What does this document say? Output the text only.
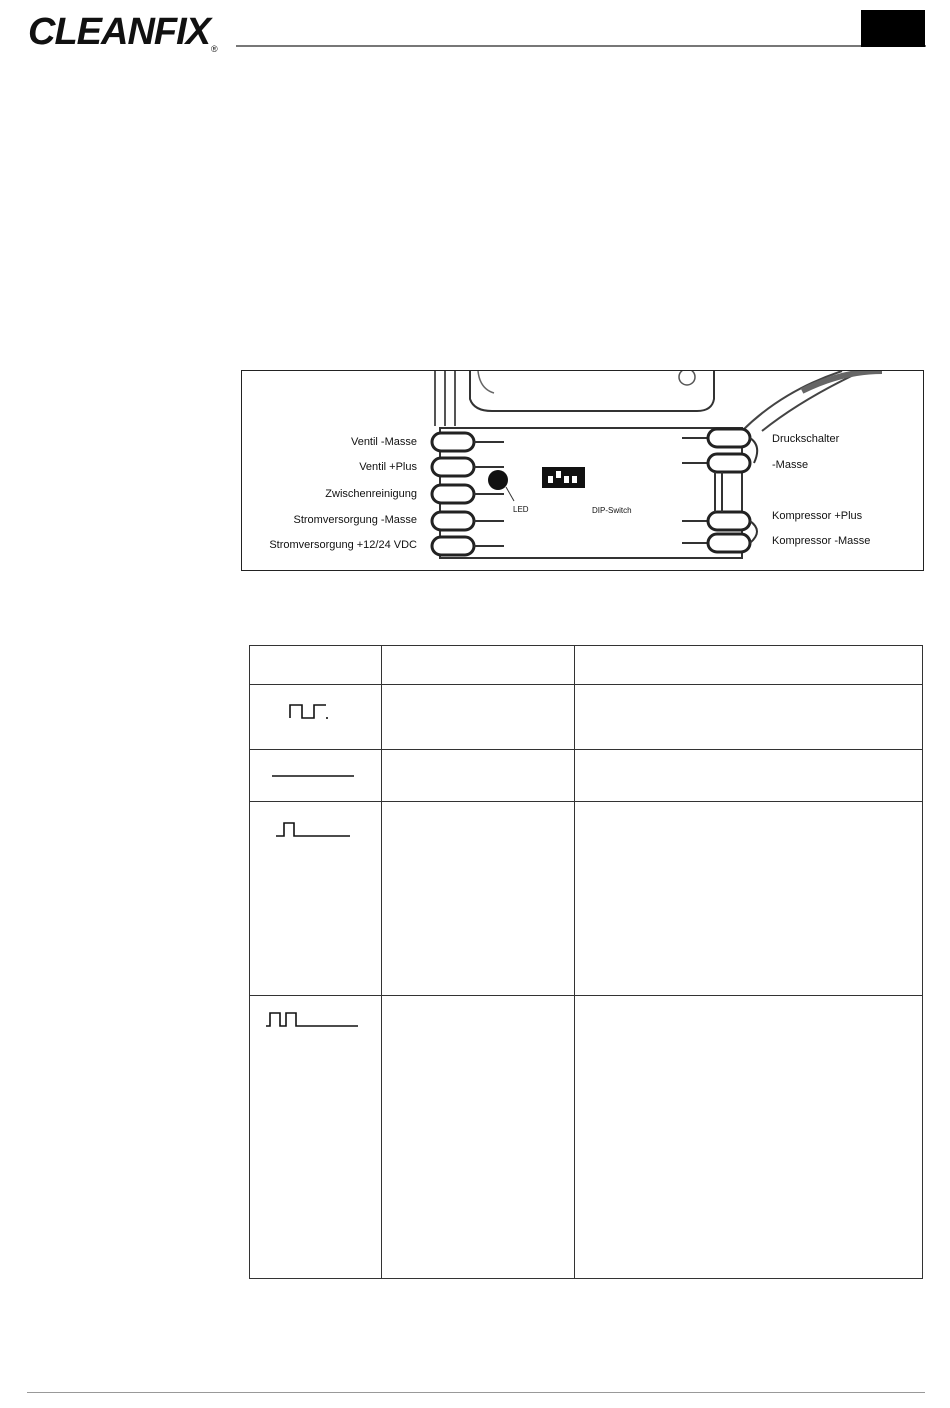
CLEANFIX®
Ventil -Masse
Ventil +Plus
Zwischenreinigung
Stromversorgung -Masse
Stromversorgung +12/24 VDC
Druckschalter
-Masse
Kompressor +Plus
Kompressor -Masse
LED	DIP-Switch
